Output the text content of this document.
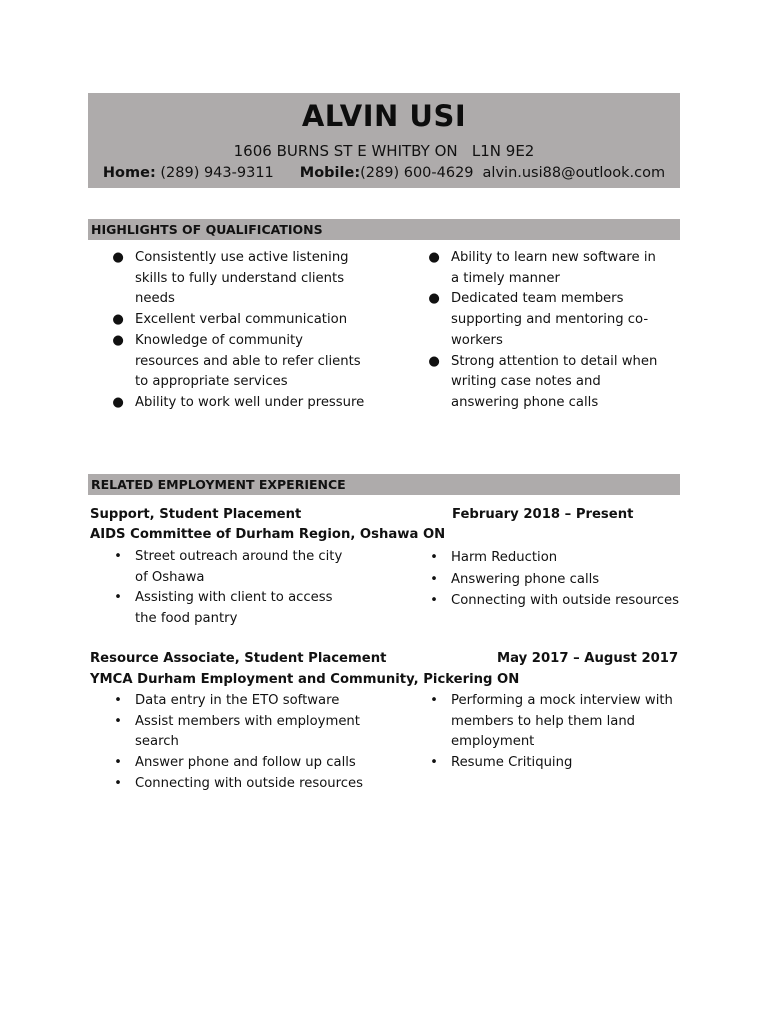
ALVIN USI
1606 BURNS ST E WHITBY ON   L1N 9E2
Home: (289) 943-9311 Mobile:(289) 600-4629 alvin.usi88@outlook.com
HIGHLIGHTS OF QUALIFICATIONS
● Consistently use active listening skills to fully understand clients needs
● Excellent verbal communication
● Knowledge of community resources and able to refer clients to appropriate services
● Ability to work well under pressure
● Ability to learn new software in a timely manner
● Dedicated team members supporting and mentoring co-workers
● Strong attention to detail when writing case notes and answering phone calls
RELATED EMPLOYMENT EXPERIENCE
Support, Student Placement	February 2018 – Present
AIDS Committee of Durham Region, Oshawa ON
• Street outreach around the city of Oshawa
• Assisting with client to access the food pantry
• Harm Reduction
• Answering phone calls
• Connecting with outside resources
Resource Associate, Student Placement	May 2017 – August 2017
YMCA Durham Employment and Community, Pickering ON
• Data entry in the ETO software
• Assist members with employment search
• Answer phone and follow up calls
• Connecting with outside resources
• Performing a mock interview with members to help them land employment
• Resume Critiquing
